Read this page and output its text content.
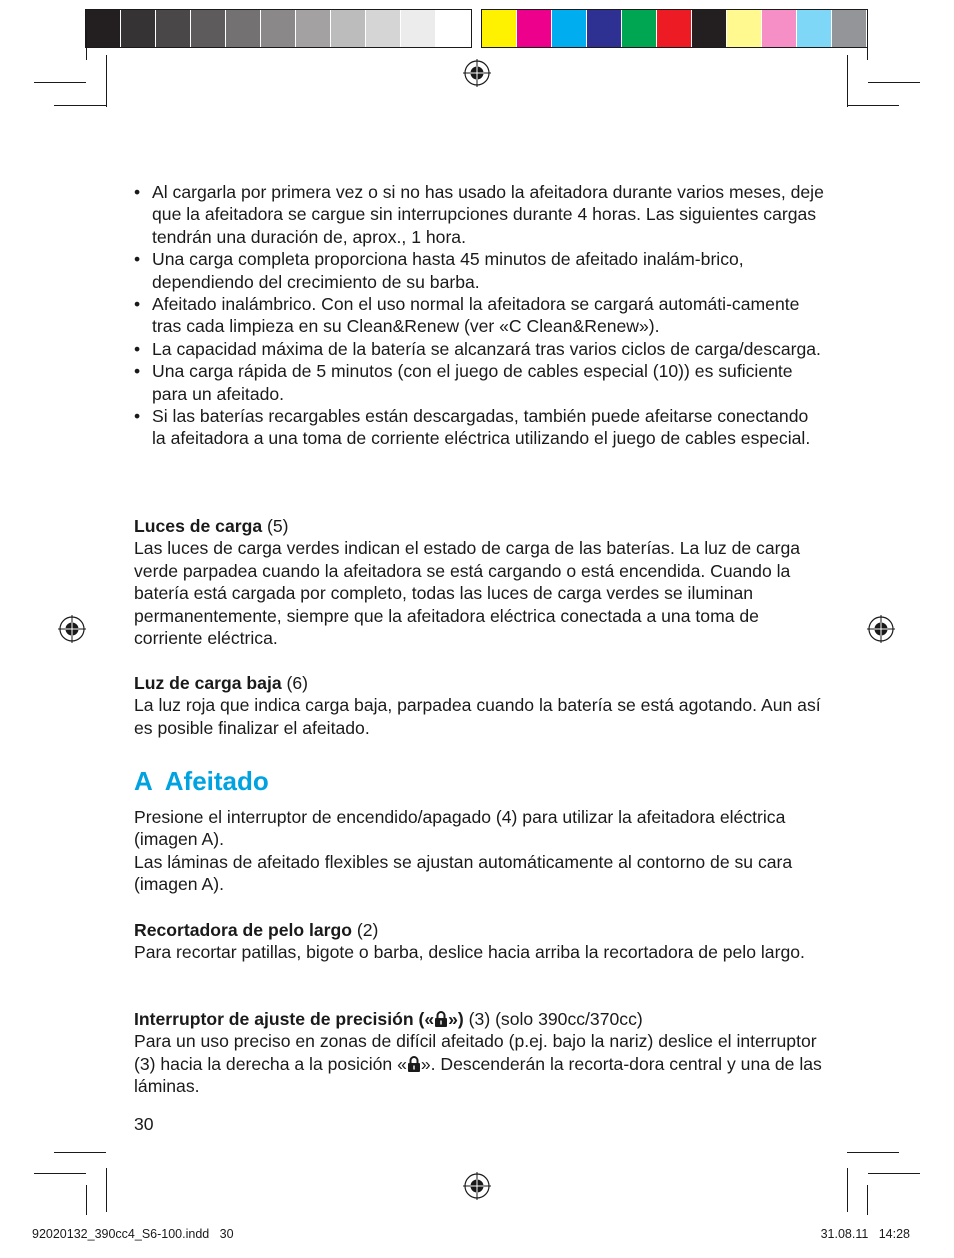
• Al cargarla por primera vez o si no has usado la afeitadora durante varios meses, deje que la afeitadora se cargue sin interrupciones durante 4 horas. Las siguientes cargas tendrán una duración de, aprox., 1 hora.
• Una carga completa proporciona hasta 45 minutos de afeitado inalám-brico, dependiendo del crecimiento de su barba.
• Afeitado inalámbrico. Con el uso normal la afeitadora se cargará automáti-camente tras cada limpieza en su Clean&Renew (ver «C Clean&Renew»).
• La capacidad máxima de la batería se alcanzará tras varios ciclos de carga/descarga.
• Una carga rápida de 5 minutos (con el juego de cables especial (10)) es suficiente para un afeitado.
• Si las baterías recargables están descargadas, también puede afeitarse conectando la afeitadora a una toma de corriente eléctrica utilizando el juego de cables especial.

Luces de carga (5)

Las luces de carga verdes indican el estado de carga de las baterías. La luz de carga verde parpadea cuando la afeitadora se está cargando o está encendida. Cuando la batería está cargada por completo, todas las luces de carga verdes se iluminan permanentemente, siempre que la afeitadora eléctrica conectada a una toma de corriente eléctrica.

Luz de carga baja (6)

La luz roja que indica carga baja, parpadea cuando la batería se está agotando. Aun así es posible finalizar el afeitado.

A Afeitado

Presione el interruptor de encendido/apagado (4) para utilizar la afeitadora eléctrica (imagen A).

Las láminas de afeitado flexibles se ajustan automáticamente al contorno de su cara (imagen A).

Recortadora de pelo largo (2)

Para recortar patillas, bigote o barba, deslice hacia arriba la recortadora de pelo largo.

Interruptor de ajuste de precisión (« ») (3) (solo 390cc/370cc)

Para un uso preciso en zonas de difícil afeitado (p.ej. bajo la nariz) deslice el interruptor (3) hacia la derecha a la posición « ». Descenderán la recorta-dora central y una de las láminas.

30
92020132_390cc4_S6-100.indd   30	31.08.11   14:28
